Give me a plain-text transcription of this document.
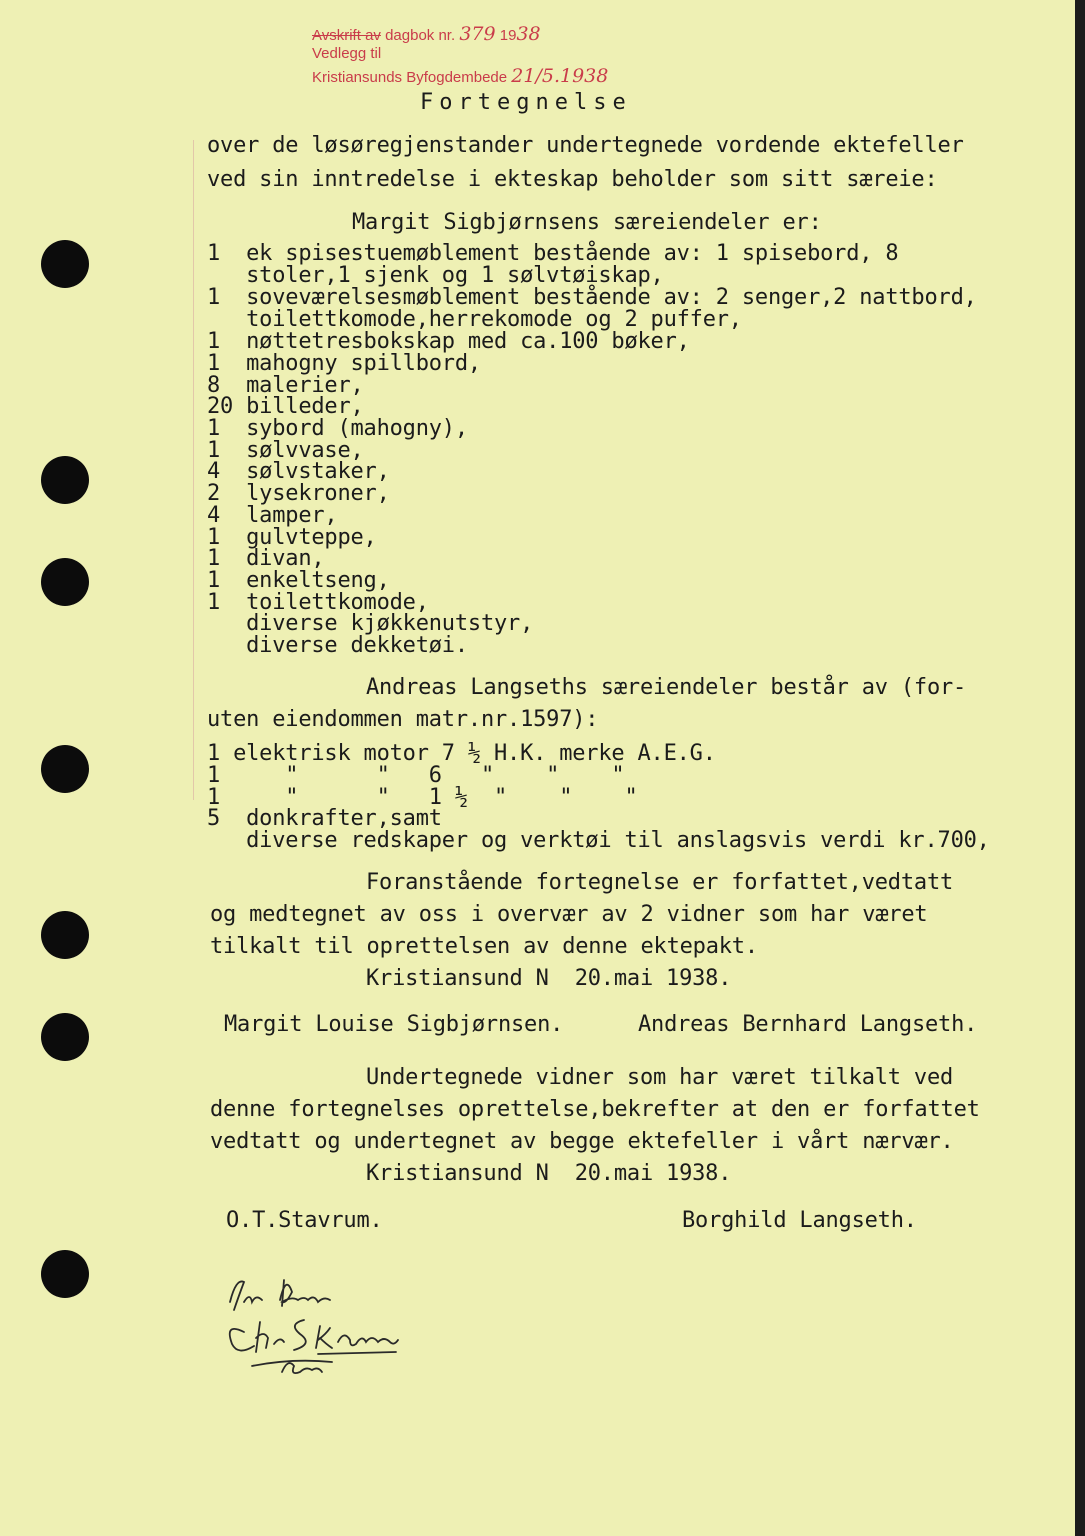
Avskrift av dagbok nr. 379 1938
Vedlegg til
Kristiansunds Byfogdembede 21/5.1938
Fortegnelse
over de løsøregjenstander undertegnede vordende ektefeller
ved sin inntredelse i ekteskap beholder som sitt særeie:
Margit Sigbjørnsens særeiendeler er:
1  ek spisestuemøblement bestående av: 1 spisebord, 8
stoler,1 sjenk og 1 sølvtøiskap,
1  soveværelsesmøblement bestående av: 2 senger,2 nattbord,
toilettkomode,herrekomode og 2 puffer,
1  nøttetresbokskap med ca.100 bøker,
1  mahogny spillbord,
8  malerier,
20 billeder,
1  sybord (mahogny),
1  sølvvase,
4  sølvstaker,
2  lysekroner,
4  lamper,
1  gulvteppe,
1  divan,
1  enkeltseng,
1  toilettkomode,
diverse kjøkkenutstyr,
diverse dekketøi.
Andreas Langseths særeiendeler består av (for-
uten eiendommen matr.nr.1597):
1 elektrisk motor 7 ½ H.K. merke A.E.G.
1     "      "   6   "    "    "
1     "      "   1 ½  "    "    "
5  donkrafter,samt
diverse redskaper og verktøi til anslagsvis verdi kr.700,
Foranstående fortegnelse er forfattet,vedtatt
og medtegnet av oss i overvær av 2 vidner som har været
tilkalt til oprettelsen av denne ektepakt.
Kristiansund N  20.mai 1938.
Margit Louise Sigbjørnsen.	Andreas Bernhard Langseth.
Undertegnede vidner som har været tilkalt ved
denne fortegnelses oprettelse,bekrefter at den er forfattet
vedtatt og undertegnet av begge ektefeller i vårt nærvær.
Kristiansund N  20.mai 1938.
O.T.Stavrum.	Borghild Langseth.
